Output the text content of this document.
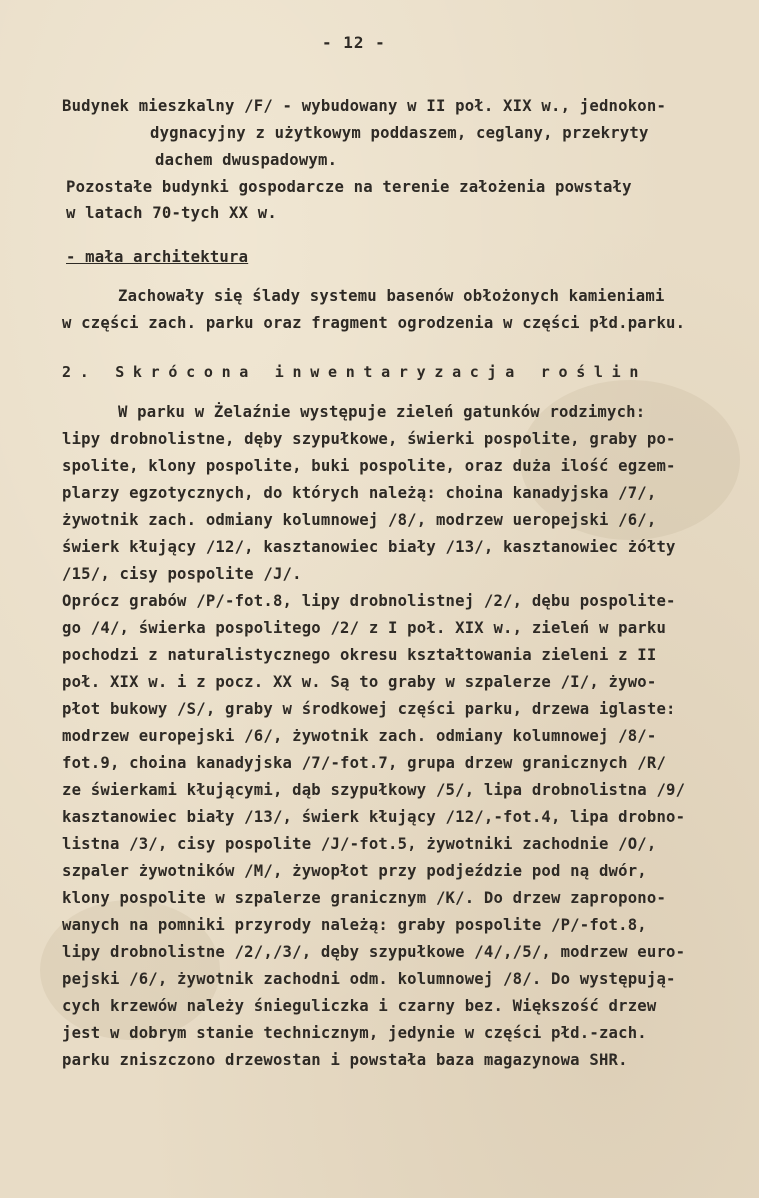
- 12 -
Budynek mieszkalny /F/ - wybudowany w II poł. XIX w., jednokon-
dygnacyjny z użytkowym poddaszem, ceglany, przekryty
dachem dwuspadowym.
Pozostałe budynki gospodarcze na terenie założenia powstały
w latach 70-tych XX w.
- mała architektura
Zachowały się ślady systemu basenów obłożonych kamieniami
w części zach. parku oraz fragment ogrodzenia w części płd.parku.
2. Skrócona inwentaryzacja roślin
W parku w Żelaźnie występuje zieleń gatunków rodzimych:
lipy drobnolistne, dęby szypułkowe, świerki pospolite, graby po-
spolite, klony pospolite, buki pospolite, oraz duża ilość egzem-
plarzy egzotycznych, do których należą: choina kanadyjska /7/,
żywotnik zach. odmiany kolumnowej /8/, modrzew ueropejski /6/,
świerk kłujący /12/, kasztanowiec biały /13/, kasztanowiec żółty
/15/, cisy pospolite /J/.
Oprócz grabów /P/-fot.8, lipy drobnolistnej /2/, dębu pospolite-
go /4/, świerka pospolitego /2/ z I poł. XIX w., zieleń w parku
pochodzi z naturalistycznego okresu kształtowania zieleni z II
poł. XIX w. i z pocz. XX w. Są to graby w szpalerze /I/, żywo-
płot bukowy /S/, graby w środkowej części parku, drzewa iglaste:
modrzew europejski /6/, żywotnik zach. odmiany kolumnowej /8/-
fot.9, choina kanadyjska /7/-fot.7, grupa drzew granicznych /R/
ze świerkami kłującymi, dąb szypułkowy /5/, lipa drobnolistna /9/
kasztanowiec biały /13/, świerk kłujący /12/,-fot.4, lipa drobno-
listna /3/, cisy pospolite /J/-fot.5, żywotniki zachodnie /O/,
szpaler żywotników /M/, żywopłot przy podjeździe pod ną dwór,
klony pospolite w szpalerze granicznym /K/. Do drzew zapropono-
wanych na pomniki przyrody należą: graby pospolite /P/-fot.8,
lipy drobnolistne /2/,/3/, dęby szypułkowe /4/,/5/, modrzew euro-
pejski /6/, żywotnik zachodni odm. kolumnowej /8/. Do występują-
cych krzewów należy śnieguliczka i czarny bez. Większość drzew
jest w dobrym stanie technicznym, jedynie w części płd.-zach.
parku zniszczono drzewostan i powstała baza magazynowa SHR.
